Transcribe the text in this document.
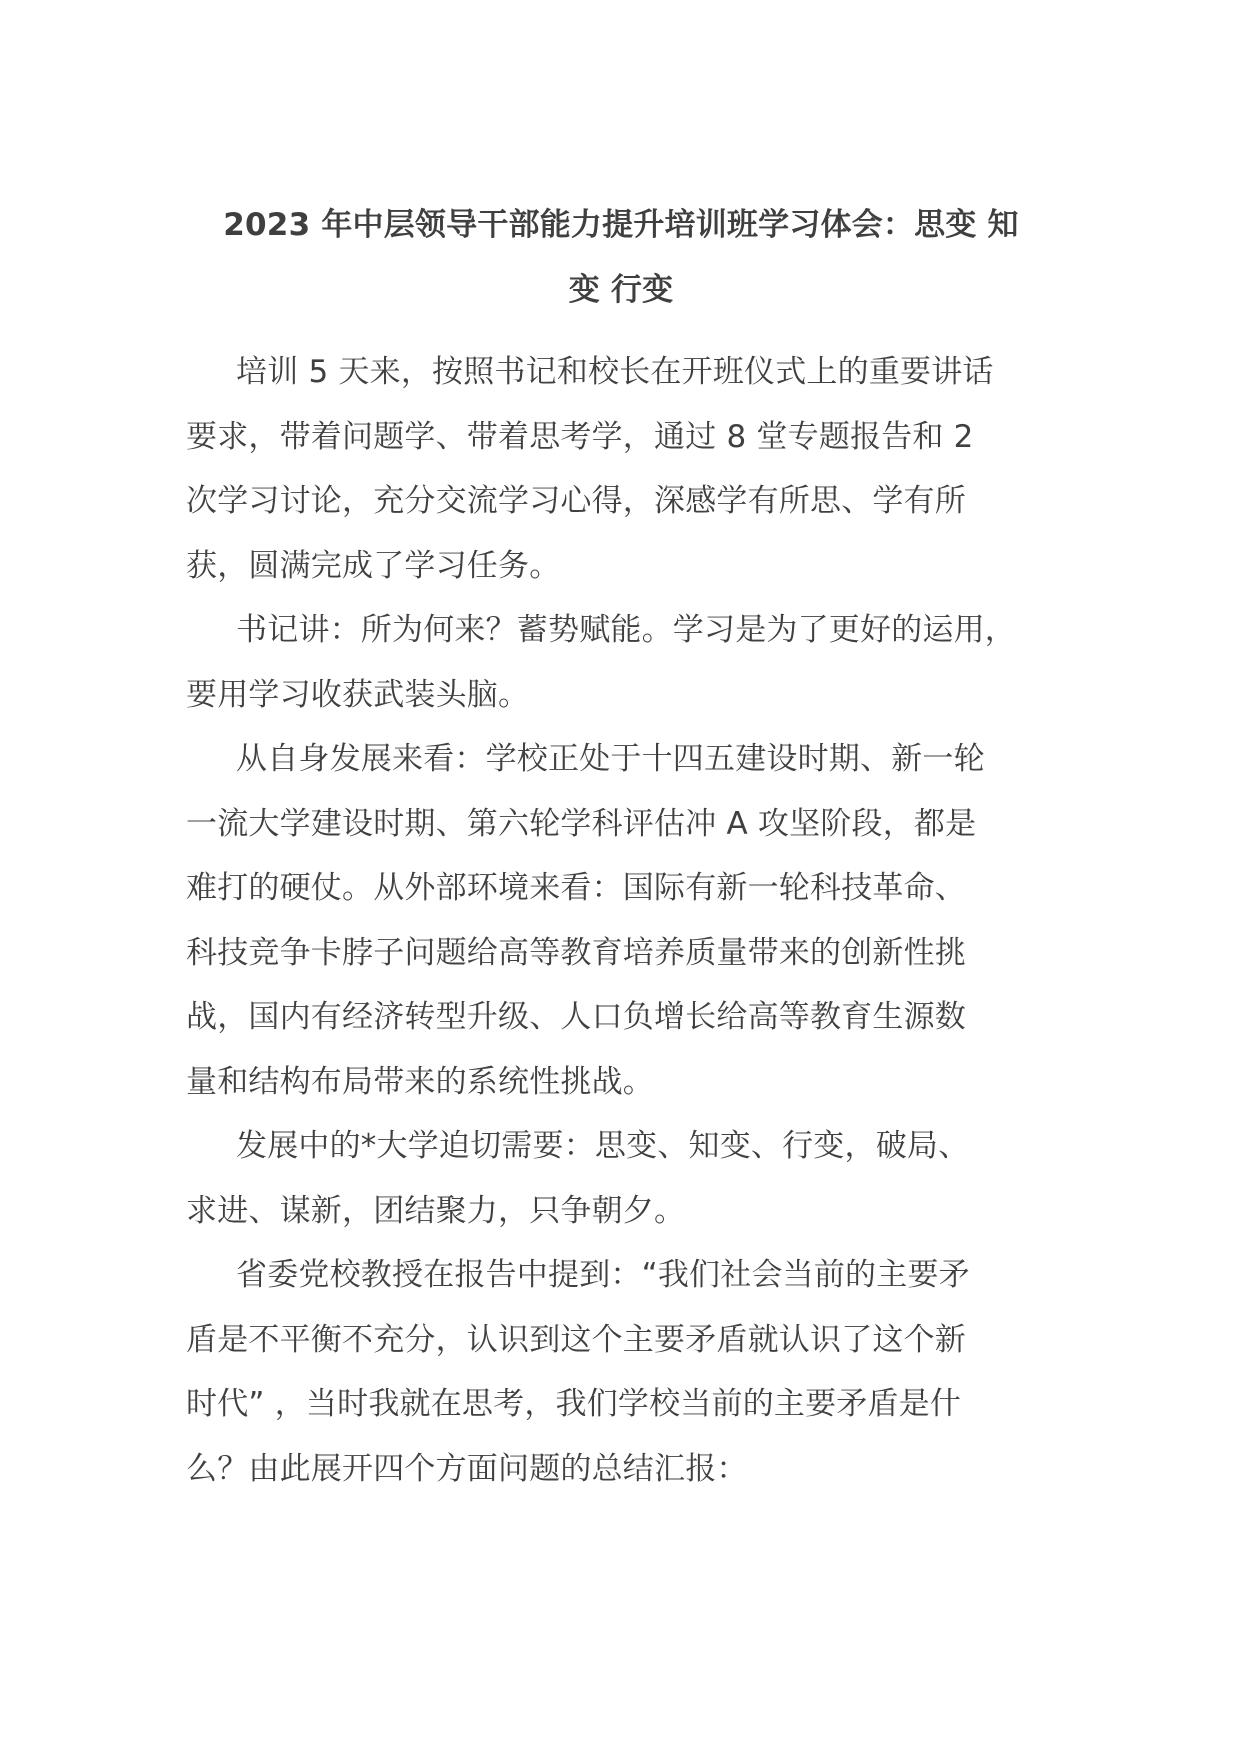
2023 年中层领导干部能力提升培训班学习体会：思变 知
变 行变
培训 5 天来，按照书记和校长在开班仪式上的重要讲话
要求，带着问题学、带着思考学，通过 8 堂专题报告和 2
次学习讨论，充分交流学习心得，深感学有所思、学有所
获，圆满完成了学习任务。
书记讲：所为何来？蓄势赋能。学习是为了更好的运用，
要用学习收获武装头脑。
从自身发展来看：学校正处于十四五建设时期、新一轮
一流大学建设时期、第六轮学科评估冲 A 攻坚阶段，都是
难打的硬仗。从外部环境来看：国际有新一轮科技革命、
科技竞争卡脖子问题给高等教育培养质量带来的创新性挑
战，国内有经济转型升级、人口负增长给高等教育生源数
量和结构布局带来的系统性挑战。
发展中的*大学迫切需要：思变、知变、行变，破局、
求进、谋新，团结聚力，只争朝夕。
省委党校教授在报告中提到：“我们社会当前的主要矛
盾是不平衡不充分，认识到这个主要矛盾就认识了这个新
时代” ，当时我就在思考，我们学校当前的主要矛盾是什
么？由此展开四个方面问题的总结汇报：
